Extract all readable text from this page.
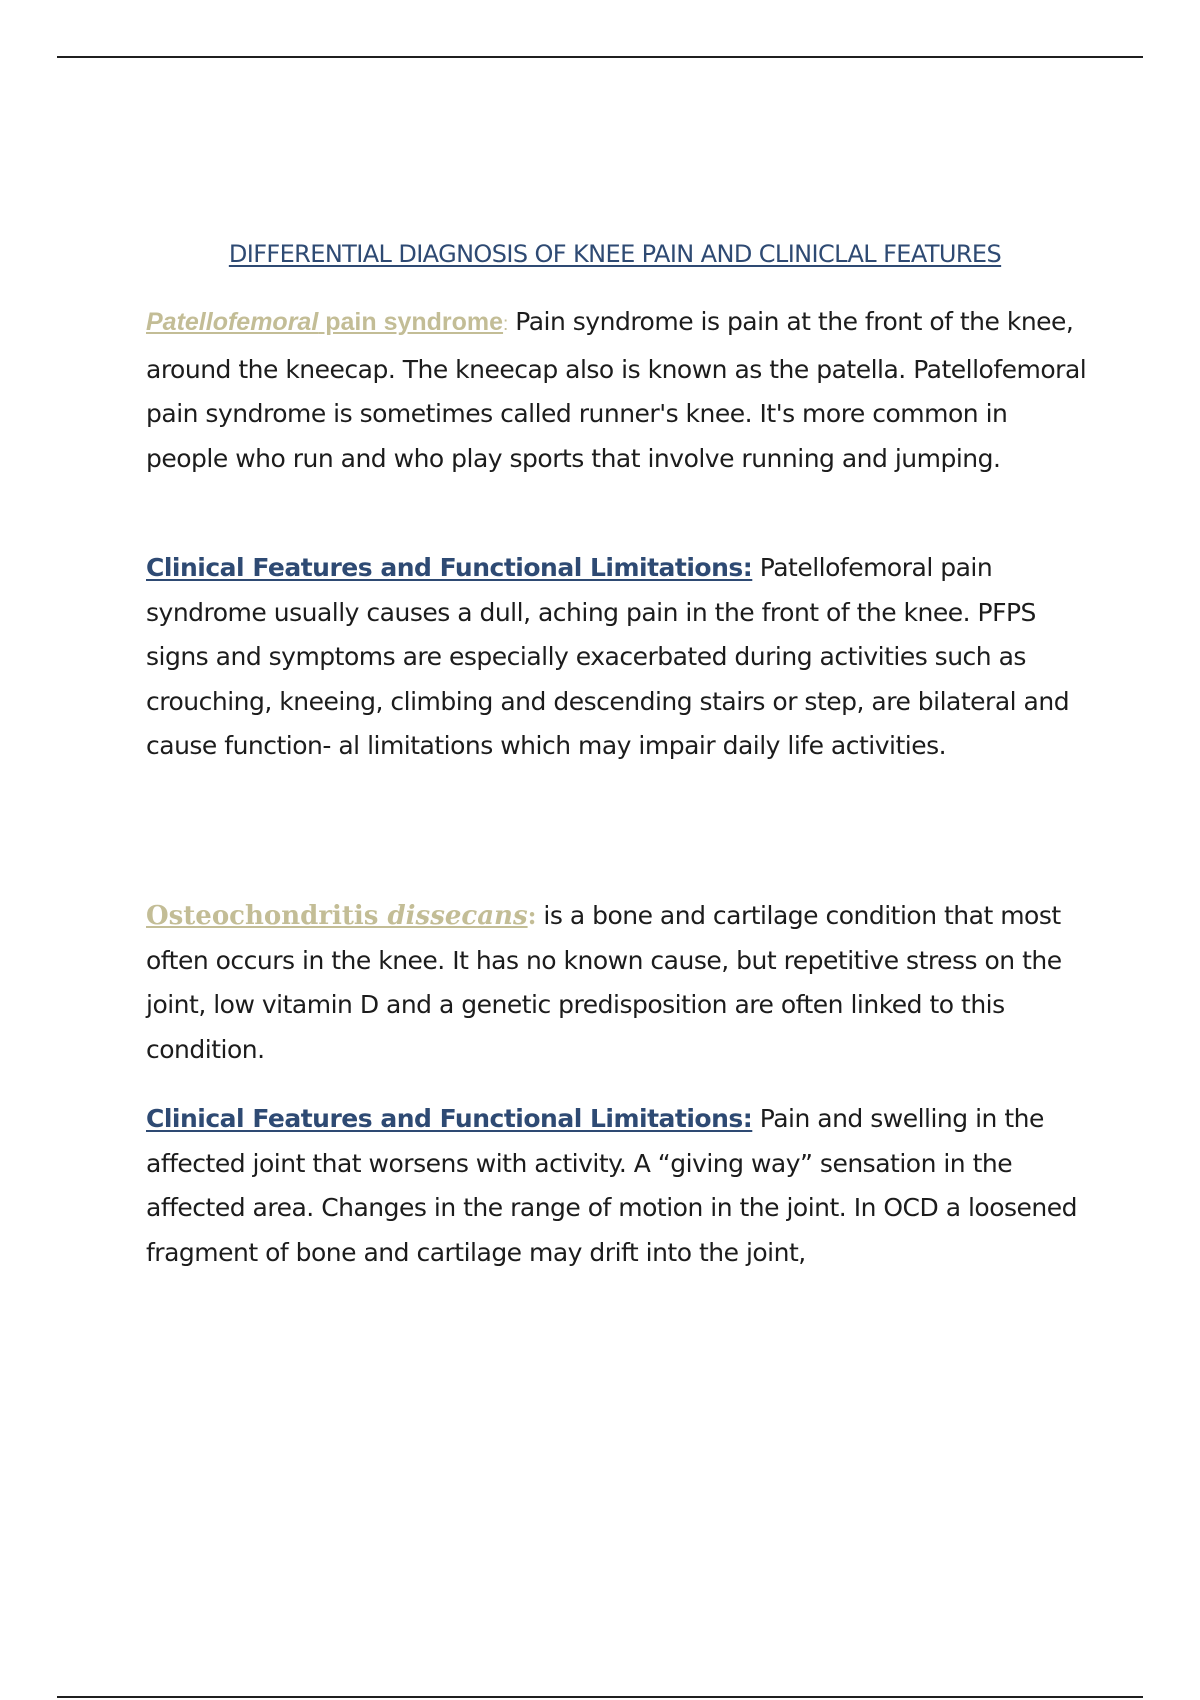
DIFFERENTIAL DIAGNOSIS OF KNEE PAIN AND CLINICLAL FEATURES

Patellofemoral pain syndrome: Pain syndrome is pain at the front of the knee, around the kneecap. The kneecap also is known as the patella. Patellofemoral pain syndrome is sometimes called runner's knee. It's more common in people who run and who play sports that involve running and jumping.

Clinical Features and Functional Limitations: Patellofemoral pain syndrome usually causes a dull, aching pain in the front of the knee. PFPS signs and symptoms are especially exacerbated during activities such as crouching, kneeing, climbing and descending stairs or step, are bilateral and cause function- al limitations which may impair daily life activities.

Osteochondritis dissecans: is a bone and cartilage condition that most often occurs in the knee. It has no known cause, but repetitive stress on the joint, low vitamin D and a genetic predisposition are often linked to this condition.

Clinical Features and Functional Limitations: Pain and swelling in the affected joint that worsens with activity. A “giving way” sensation in the affected area. Changes in the range of motion in the joint. In OCD a loosened fragment of bone and cartilage may drift into the joint,
